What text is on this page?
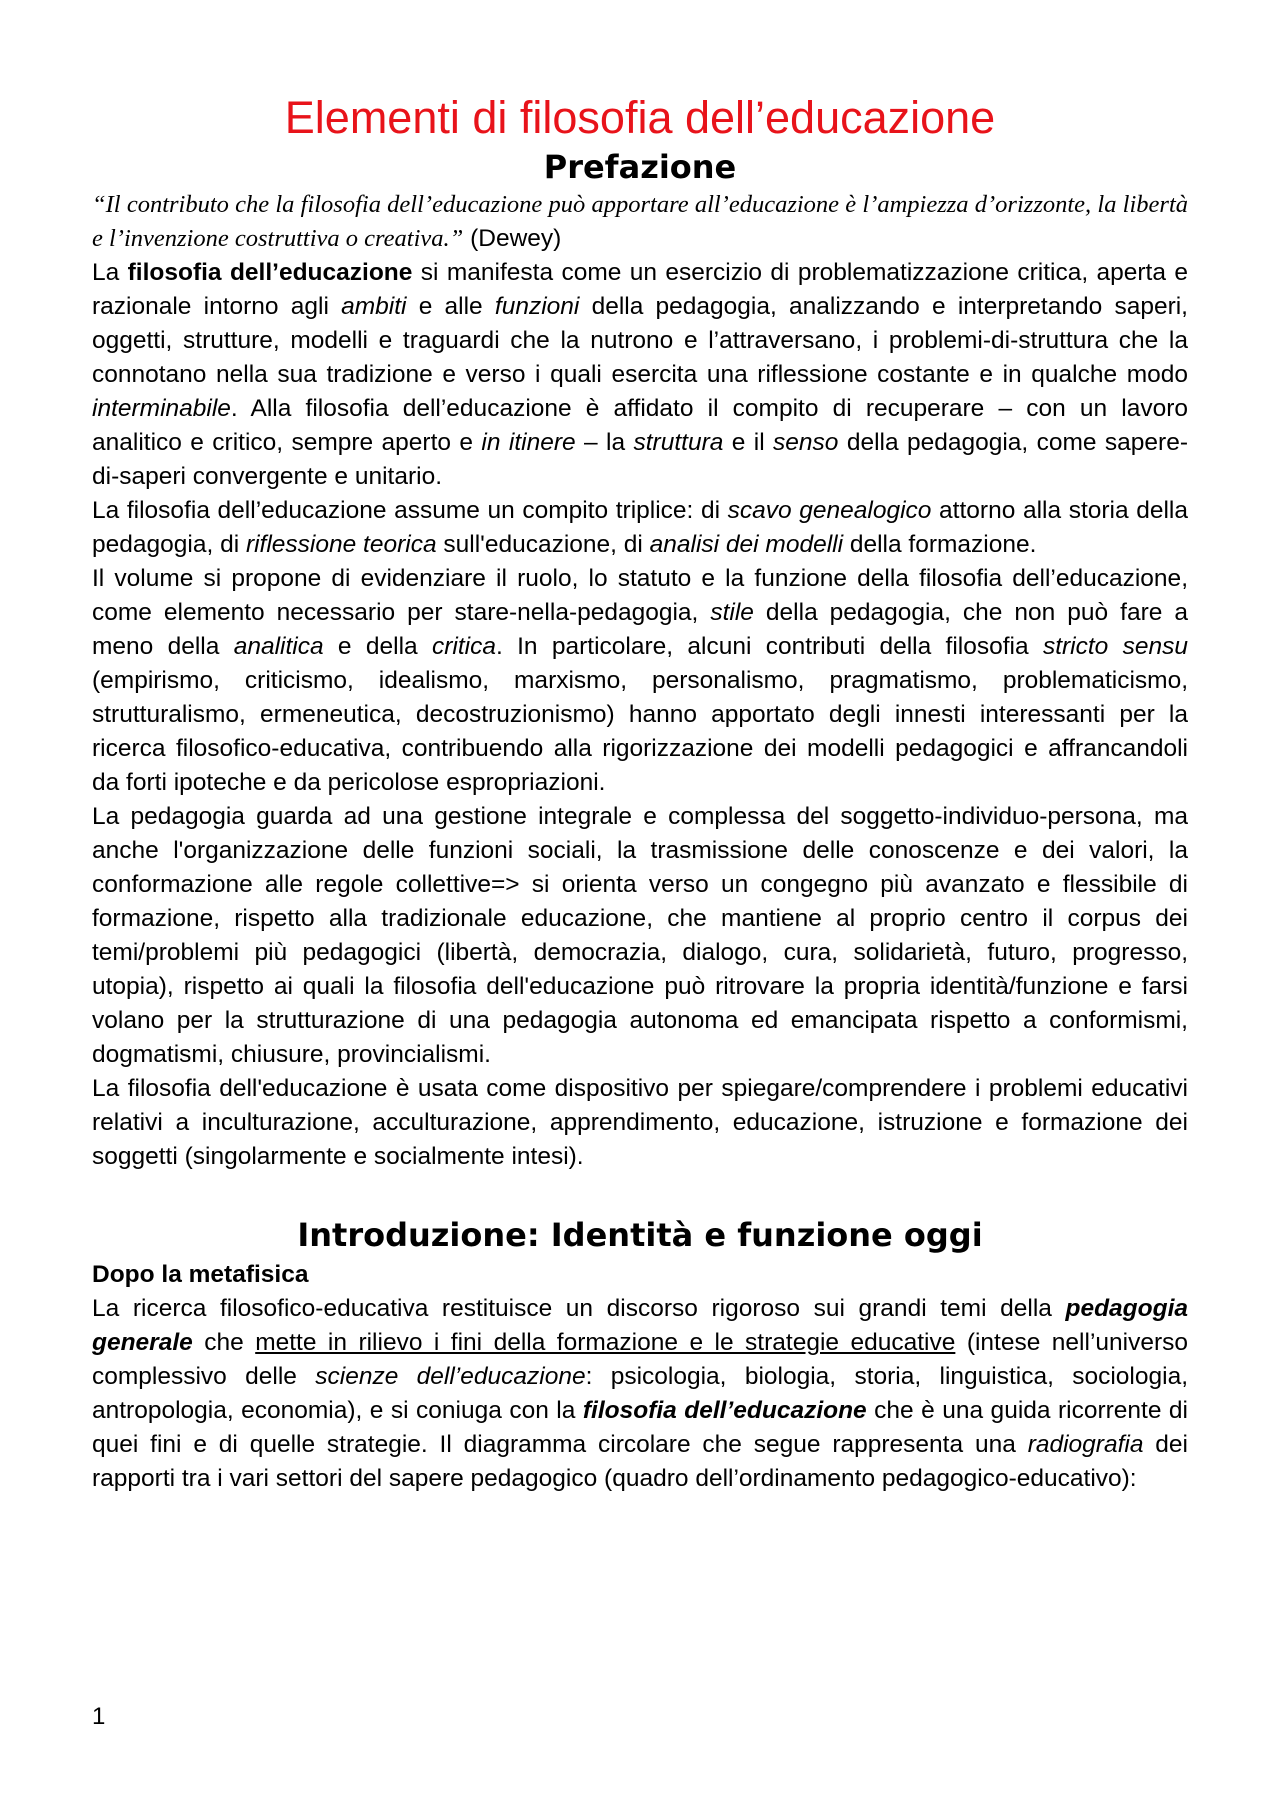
Elementi di filosofia dell’educazione
Prefazione
“Il contributo che la filosofia dell’educazione può apportare all’educazione è l’ampiezza d’orizzonte, la libertà e l’invenzione costruttiva o creativa.” (Dewey)

La filosofia dell’educazione si manifesta come un esercizio di problematizzazione critica, aperta e razionale intorno agli ambiti e alle funzioni della pedagogia, analizzando e interpretando saperi, oggetti, strutture, modelli e traguardi che la nutrono e l’attraversano, i problemi-di-struttura che la connotano nella sua tradizione e verso i quali esercita una riflessione costante e in qualche modo interminabile. Alla filosofia dell’educazione è affidato il compito di recuperare – con un lavoro analitico e critico, sempre aperto e in itinere – la struttura e il senso della pedagogia, come sapere-di-saperi convergente e unitario.

La filosofia dell’educazione assume un compito triplice: di scavo genealogico attorno alla storia della pedagogia, di riflessione teorica sull'educazione, di analisi dei modelli della formazione.

Il volume si propone di evidenziare il ruolo, lo statuto e la funzione della filosofia dell’educazione, come elemento necessario per stare-nella-pedagogia, stile della pedagogia, che non può fare a meno della analitica e della critica. In particolare, alcuni contributi della filosofia stricto sensu (empirismo, criticismo, idealismo, marxismo, personalismo, pragmatismo, problematicismo, strutturalismo, ermeneutica, decostruzionismo) hanno apportato degli innesti interessanti per la ricerca filosofico-educativa, contribuendo alla rigorizzazione dei modelli pedagogici e affrancandoli da forti ipoteche e da pericolose espropriazioni.

La pedagogia guarda ad una gestione integrale e complessa del soggetto-individuo-persona, ma anche l'organizzazione delle funzioni sociali, la trasmissione delle conoscenze e dei valori, la conformazione alle regole collettive=> si orienta verso un congegno più avanzato e flessibile di formazione, rispetto alla tradizionale educazione, che mantiene al proprio centro il corpus dei temi/problemi più pedagogici (libertà, democrazia, dialogo, cura, solidarietà, futuro, progresso, utopia), rispetto ai quali la filosofia dell'educazione può ritrovare la propria identità/funzione e farsi volano per la strutturazione di una pedagogia autonoma ed emancipata rispetto a conformismi, dogmatismi, chiusure, provincialismi.

La filosofia dell'educazione è usata come dispositivo per spiegare/comprendere i problemi educativi relativi a inculturazione, acculturazione, apprendimento, educazione, istruzione e formazione dei soggetti (singolarmente e socialmente intesi).

Introduzione: Identità e funzione oggi
Dopo la metafisica

La ricerca filosofico-educativa restituisce un discorso rigoroso sui grandi temi della pedagogia generale che mette in rilievo i fini della formazione e le strategie educative (intese nell’universo complessivo delle scienze dell’educazione: psicologia, biologia, storia, linguistica, sociologia, antropologia, economia), e si coniuga con la filosofia dell’educazione che è una guida ricorrente di quei fini e di quelle strategie. Il diagramma circolare che segue rappresenta una radiografia dei rapporti tra i vari settori del sapere pedagogico (quadro dell’ordinamento pedagogico-educativo):

1
